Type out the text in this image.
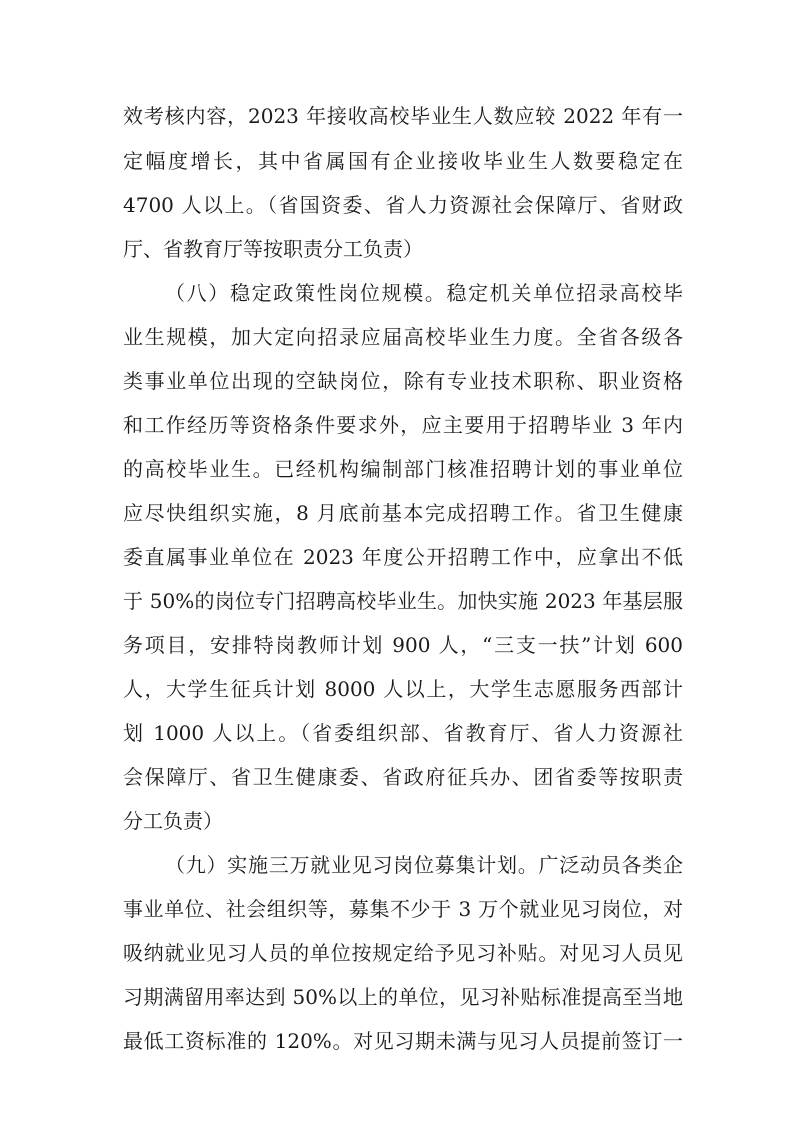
效考核内容，2023 年接收高校毕业生人数应较 2022 年有一
定幅度增长，其中省属国有企业接收毕业生人数要稳定在
4700 人以上。（省国资委、省人力资源社会保障厅、省财政
厅、省教育厅等按职责分工负责）
（八）稳定政策性岗位规模。稳定机关单位招录高校毕
业生规模，加大定向招录应届高校毕业生力度。全省各级各
类事业单位出现的空缺岗位，除有专业技术职称、职业资格
和工作经历等资格条件要求外，应主要用于招聘毕业 3 年内
的高校毕业生。已经机构编制部门核准招聘计划的事业单位
应尽快组织实施，8 月底前基本完成招聘工作。省卫生健康
委直属事业单位在 2023 年度公开招聘工作中，应拿出不低
于 50%的岗位专门招聘高校毕业生。加快实施 2023 年基层服
务项目，安排特岗教师计划 900 人，“三支一扶”计划 600
人，大学生征兵计划 8000 人以上，大学生志愿服务西部计
划 1000 人以上。（省委组织部、省教育厅、省人力资源社
会保障厅、省卫生健康委、省政府征兵办、团省委等按职责
分工负责）
（九）实施三万就业见习岗位募集计划。广泛动员各类企
事业单位、社会组织等，募集不少于 3 万个就业见习岗位，对
吸纳就业见习人员的单位按规定给予见习补贴。对见习人员见
习期满留用率达到 50%以上的单位，见习补贴标准提高至当地
最低工资标准的 120%。对见习期未满与见习人员提前签订一
